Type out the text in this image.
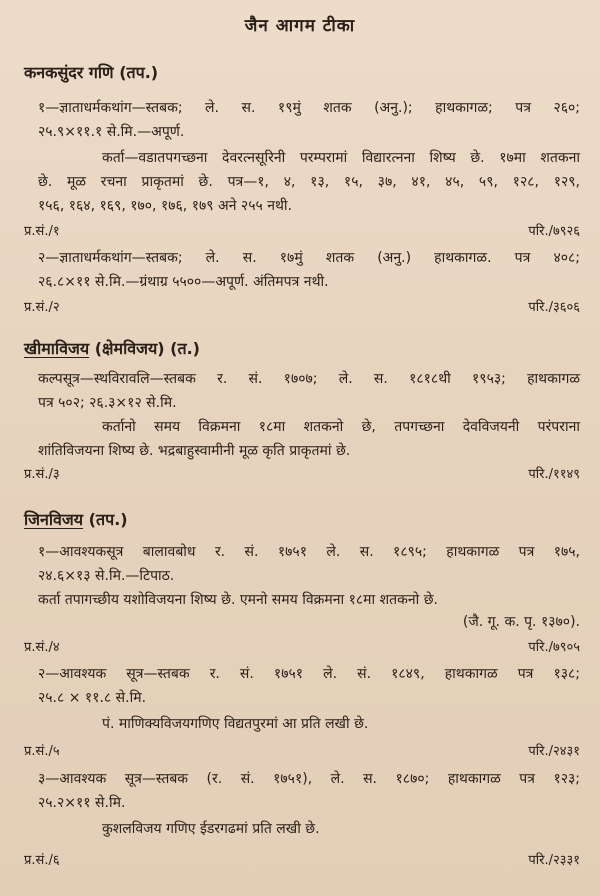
जैन आगम टीका
कनकसुंदर गणि (तप.)
१—ज्ञाताधर्मकथांग—स्तबक; ले. स. १९मुं शतक (अनु.); हाथकागळ; पत्र २६०;
२५.९×११.१ से.मि.—अपूर्ण.
कर्ता—वडातपगच्छना देवरत्नसूरिनी परम्परामां विद्यारत्नना शिष्य छे. १७मा शतकना
छे. मूळ रचना प्राकृतमां छे. पत्र—१, ४, १३, १५, ३७, ४१, ४५, ५९, १२८, १२९,
१५६, १६४, १६९, १७०, १७६, १७९ अने २५५ नथी.
प्र.सं./१	परि./७९२६
२—ज्ञाताधर्मकथांग—स्तबक; ले. स. १७मुं शतक (अनु.) हाथकागळ. पत्र ४०८;
२६.८×११ से.मि.—ग्रंथाग्र ५५००—अपूर्ण. अंतिमपत्र नथी.
प्र.सं./२	परि./३६०६
खीमाविजय (क्षेमविजय) (त.)
कल्पसूत्र—स्थविरावलि—स्तबक र. सं. १७०७; ले. स. १८१८थी १९५३; हाथकागळ
पत्र ५०२; २६.३×१२ से.मि.
कर्तानो समय विक्रमना १८मा शतकनो छे, तपगच्छना देवविजयनी परंपराना
शांतिविजयना शिष्य छे. भद्रबाहुस्वामीनी मूळ कृति प्राकृतमां छे.
प्र.सं./३	परि./११४९
जिनविजय (तप.)
१—आवश्यकसूत्र बालावबोध र. सं. १७५१ ले. स. १८९५; हाथकागळ पत्र १७५,
२४.६×१३ से.मि.—टिपाठ.
कर्ता तपागच्छीय यशोविजयना शिष्य छे. एमनो समय विक्रमना १८मा शतकनो छे.
(जै. गू. क. पृ. १३७०).
प्र.सं./४	परि./७९०५
२—आवश्यक सूत्र—स्तबक र. सं. १७५१ ले. सं. १८४९, हाथकागळ पत्र १३८;
२५.८ × ११.८ से.मि.
पं. माणिक्यविजयगणिए विद्यतपुरमां आ प्रति लखी छे.
प्र.सं./५	परि./२४३१
३—आवश्यक सूत्र—स्तबक (र. सं. १७५१), ले. स. १८७०; हाथकागळ पत्र १२३;
२५.२×११ से.मि.
कुशलविजय गणिए ईडरगढमां प्रति लखी छे.
प्र.सं./६	परि./२३३१
